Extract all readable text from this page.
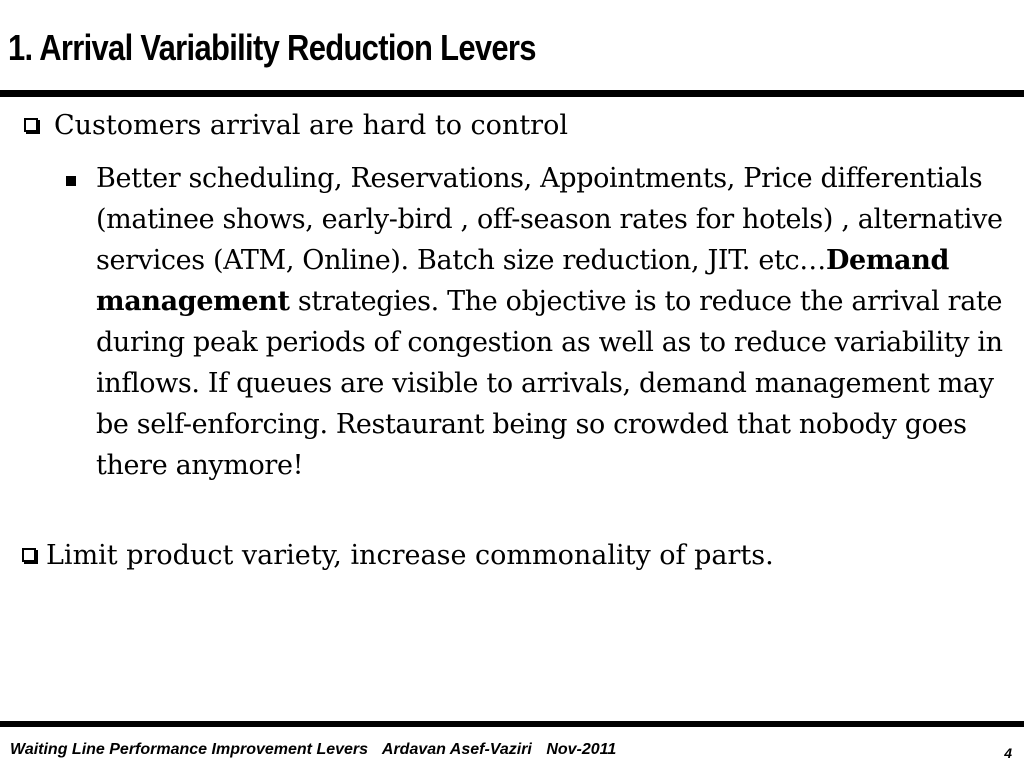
1. Arrival Variability Reduction Levers
Customers arrival are hard to control
Better scheduling, Reservations, Appointments, Price differentials (matinee shows, early-bird , off-season rates for hotels) , alternative services (ATM, Online). Batch size reduction, JIT. etc…Demand management strategies. The objective is to reduce the arrival rate during peak periods of congestion as well as to reduce variability in inflows. If queues are visible to arrivals, demand management may be self-enforcing. Restaurant being so crowded that nobody goes there anymore!
Limit product variety, increase commonality of parts.
Waiting Line Performance Improvement Levers Ardavan Asef-Vaziri Nov-2011	4
